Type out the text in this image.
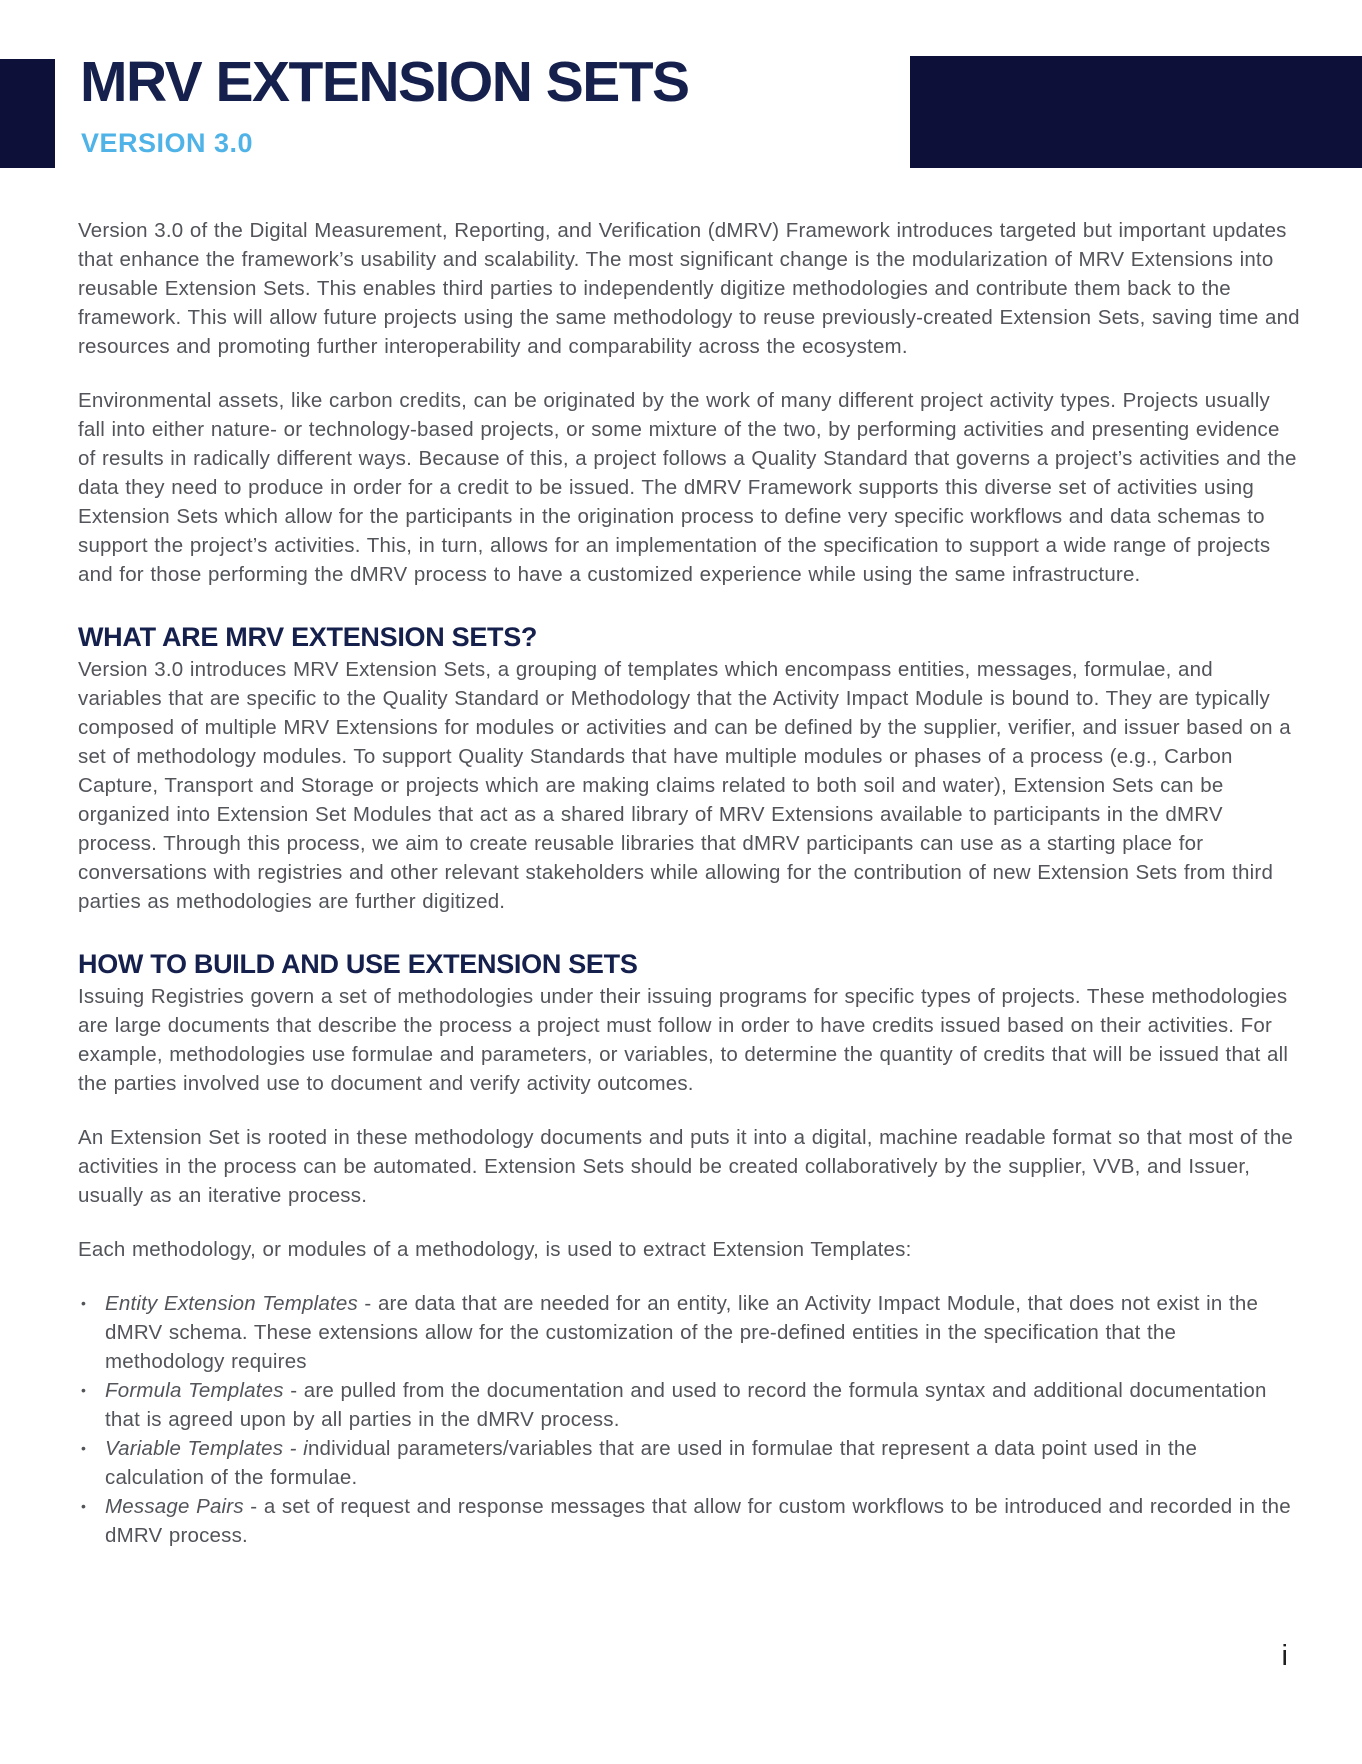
MRV EXTENSION SETS
VERSION 3.0

Version 3.0 of the Digital Measurement, Reporting, and Verification (dMRV) Framework introduces targeted but important updates that enhance the framework’s usability and scalability. The most significant change is the modularization of MRV Extensions into reusable Extension Sets. This enables third parties to independently digitize methodologies and contribute them back to the framework. This will allow future projects using the same methodology to reuse previously-created Extension Sets, saving time and resources and promoting further interoperability and comparability across the ecosystem.

Environmental assets, like carbon credits, can be originated by the work of many different project activity types. Projects usually fall into either nature- or technology-based projects, or some mixture of the two, by performing activities and presenting evidence of results in radically different ways. Because of this, a project follows a Quality Standard that governs a project’s activities and the data they need to produce in order for a credit to be issued. The dMRV Framework supports this diverse set of activities using Extension Sets which allow for the participants in the origination process to define very specific workflows and data schemas to support the project’s activities. This, in turn, allows for an implementation of the specification to support a wide range of projects and for those performing the dMRV process to have a customized experience while using the same infrastructure.

WHAT ARE MRV EXTENSION SETS?

Version 3.0 introduces MRV Extension Sets, a grouping of templates which encompass entities, messages, formulae, and variables that are specific to the Quality Standard or Methodology that the Activity Impact Module is bound to. They are typically composed of multiple MRV Extensions for modules or activities and can be defined by the supplier, verifier, and issuer based on a set of methodology modules. To support Quality Standards that have multiple modules or phases of a process (e.g., Carbon Capture, Transport and Storage or projects which are making claims related to both soil and water), Extension Sets can be organized into Extension Set Modules that act as a shared library of MRV Extensions available to participants in the dMRV process. Through this process, we aim to create reusable libraries that dMRV participants can use as a starting place for conversations with registries and other relevant stakeholders while allowing for the contribution of new Extension Sets from third parties as methodologies are further digitized.

HOW TO BUILD AND USE EXTENSION SETS

Issuing Registries govern a set of methodologies under their issuing programs for specific types of projects. These methodologies are large documents that describe the process a project must follow in order to have credits issued based on their activities. For example, methodologies use formulae and parameters, or variables, to determine the quantity of credits that will be issued that all the parties involved use to document and verify activity outcomes.

An Extension Set is rooted in these methodology documents and puts it into a digital, machine readable format so that most of the activities in the process can be automated. Extension Sets should be created collaboratively by the supplier, VVB, and Issuer, usually as an iterative process.

Each methodology, or modules of a methodology, is used to extract Extension Templates:

• Entity Extension Templates - are data that are needed for an entity, like an Activity Impact Module, that does not exist in the dMRV schema. These extensions allow for the customization of the pre-defined entities in the specification that the methodology requires
• Formula Templates - are pulled from the documentation and used to record the formula syntax and additional documentation that is agreed upon by all parties in the dMRV process.
• Variable Templates - individual parameters/variables that are used in formulae that represent a data point used in the calculation of the formulae.
• Message Pairs - a set of request and response messages that allow for custom workflows to be introduced and recorded in the dMRV process.
i
